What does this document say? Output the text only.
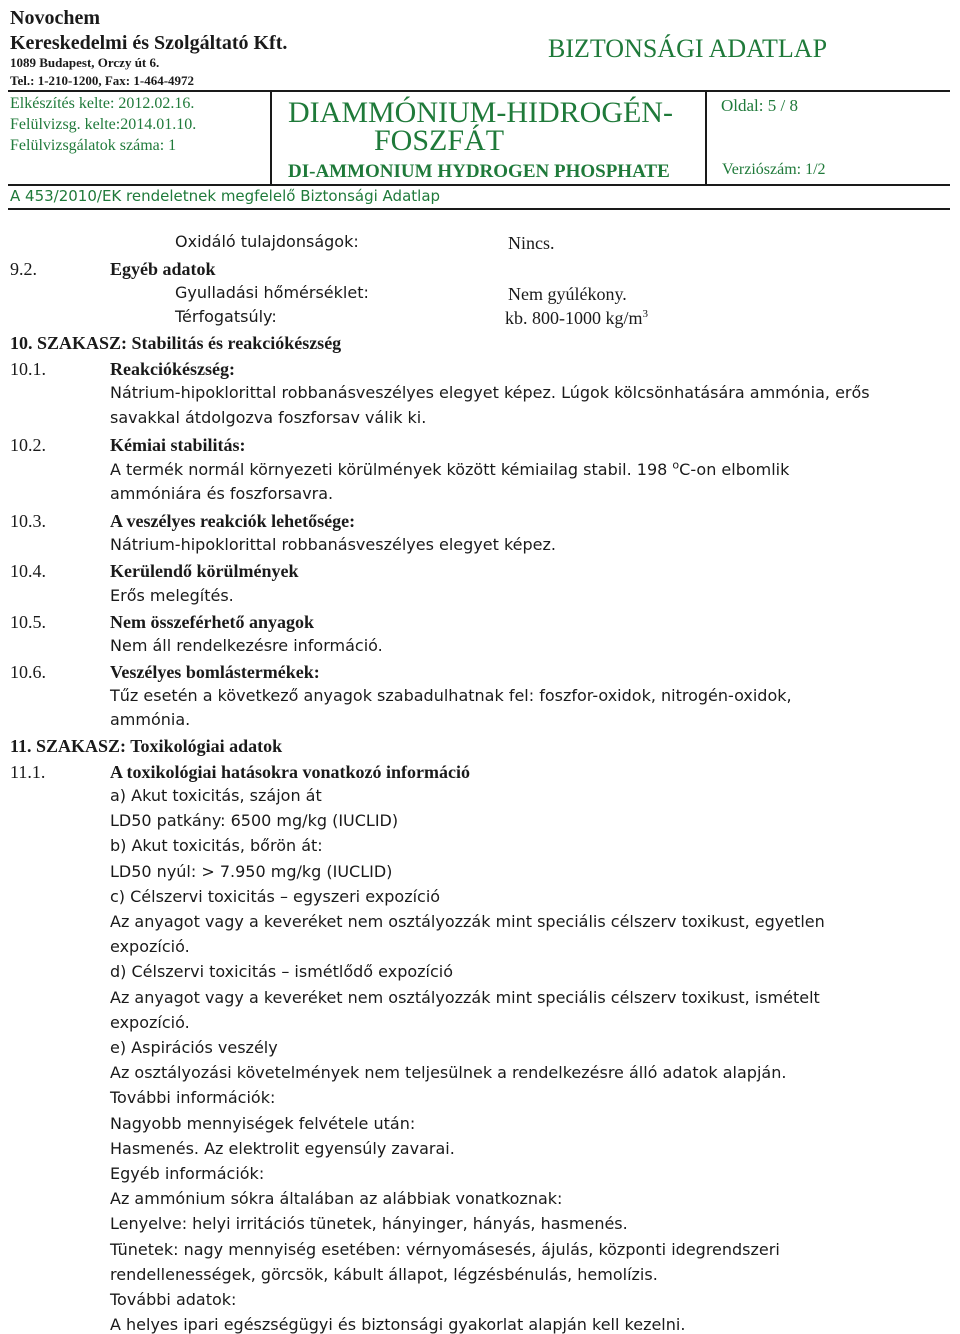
Novochem
Kereskedelmi és Szolgáltató Kft.
1089 Budapest, Orczy út 6.
Tel.: 1-210-1200, Fax: 1-464-4972
BIZTONSÁGI ADATLAP
Elkészítés kelte: 2012.02.16.
Felülvizsg. kelte:2014.01.10.
Felülvizsgálatok száma: 1
DIAMMÓNIUM-HIDROGÉN-
FOSZFÁT
DI-AMMONIUM HYDROGEN PHOSPHATE
Oldal: 5 / 8
Verziószám: 1/2
A 453/2010/EK rendeletnek megfelelő Biztonsági Adatlap
Oxidáló tulajdonságok:	Nincs.
9.2.	Egyéb adatok
Gyulladási hőmérséklet:	Nem gyúlékony.
Térfogatsúly:	kb. 800-1000 $kg/m^3$
10. SZAKASZ: Stabilitás és reakciókészség
10.1.	Reakciókészség:
Nátrium-hipoklorittal robbanásveszélyes elegyet képez. Lúgok kölcsönhatására ammónia, erős
savakkal átdolgozva foszforsav válik ki.
10.2.	Kémiai stabilitás:
A termék normál környezeti körülmények között kémiailag stabil. 198 $^o$C-on elbomlik
ammóniára és foszforsavra.
10.3.	A veszélyes reakciók lehetősége:
Nátrium-hipoklorittal robbanásveszélyes elegyet képez.
10.4.	Kerülendő körülmények
Erős melegítés.
10.5.	Nem összeférhető anyagok
Nem áll rendelkezésre információ.
10.6.	Veszélyes bomlástermékek:
Tűz esetén a következő anyagok szabadulhatnak fel: foszfor-oxidok, nitrogén-oxidok,
ammónia.
11. SZAKASZ: Toxikológiai adatok
11.1.	A toxikológiai hatásokra vonatkozó információ
a) Akut toxicitás, szájon át
LD50 patkány: 6500 mg/kg (IUCLID)
b) Akut toxicitás, bőrön át:
LD50 nyúl: > 7.950 mg/kg (IUCLID)
c) Célszervi toxicitás – egyszeri expozíció
Az anyagot vagy a keveréket nem osztályozzák mint speciális célszerv toxikust, egyetlen
expozíció.
d) Célszervi toxicitás – ismétlődő expozíció
Az anyagot vagy a keveréket nem osztályozzák mint speciális célszerv toxikust, ismételt
expozíció.
e) Aspirációs veszély
Az osztályozási követelmények nem teljesülnek a rendelkezésre álló adatok alapján.
További információk:
Nagyobb mennyiségek felvétele után:
Hasmenés. Az elektrolit egyensúly zavarai.
Egyéb információk:
Az ammónium sókra általában az alábbiak vonatkoznak:
Lenyelve: helyi irritációs tünetek, hányinger, hányás, hasmenés.
Tünetek: nagy mennyiség esetében: vérnyomásesés, ájulás, központi idegrendszeri
rendellenességek, görcsök, kábult állapot, légzésbénulás, hemolízis.
További adatok:
A helyes ipari egészségügyi és biztonsági gyakorlat alapján kell kezelni.
